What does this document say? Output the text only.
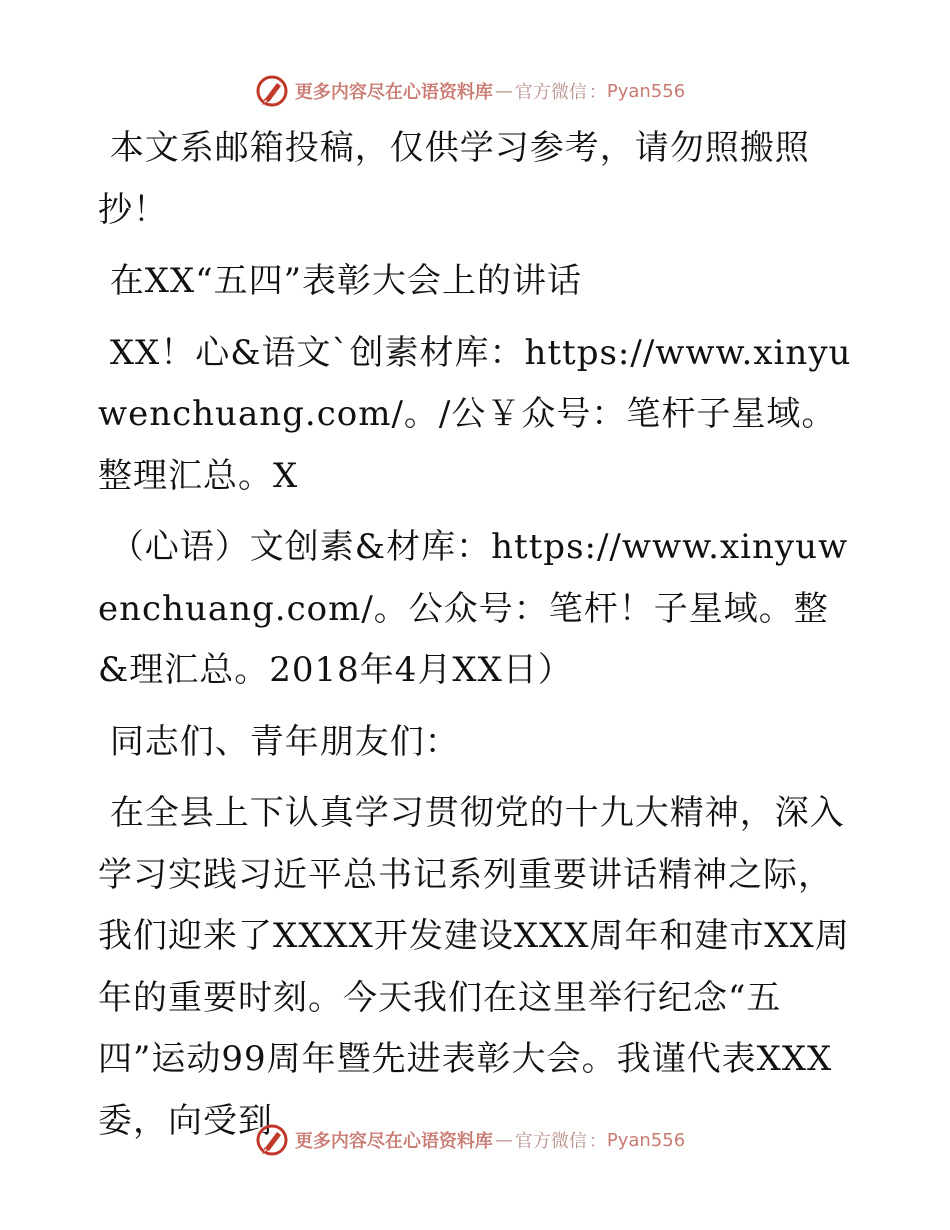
更多内容尽在心语资料库 — 官方微信 ： Pyan556

本文系邮箱投稿，仅供学习参考，请勿照搬照抄！

在XX“五四”表彰大会上的讲话

XX！心&语文`创素材库：https://www.xinyuwenchuang.com/。/公￥众号：笔杆子星域。整理汇总。X

（心语）文创素&材库：https://www.xinyuwenchuang.com/。公众号：笔杆！子星域。整&理汇总。2018年4月XX日）

同志们、青年朋友们：

在全县上下认真学习贯彻党的十九大精神，深入学习实践习近平总书记系列重要讲话精神之际，我们迎来了XXXX开发建设XXX周年和建市XX周年的重要时刻。今天我们在这里举行纪念“五四”运动99周年暨先进表彰大会。我谨代表XXX委，向受到

更多内容尽在心语资料库 — 官方微信 ： Pyan556
